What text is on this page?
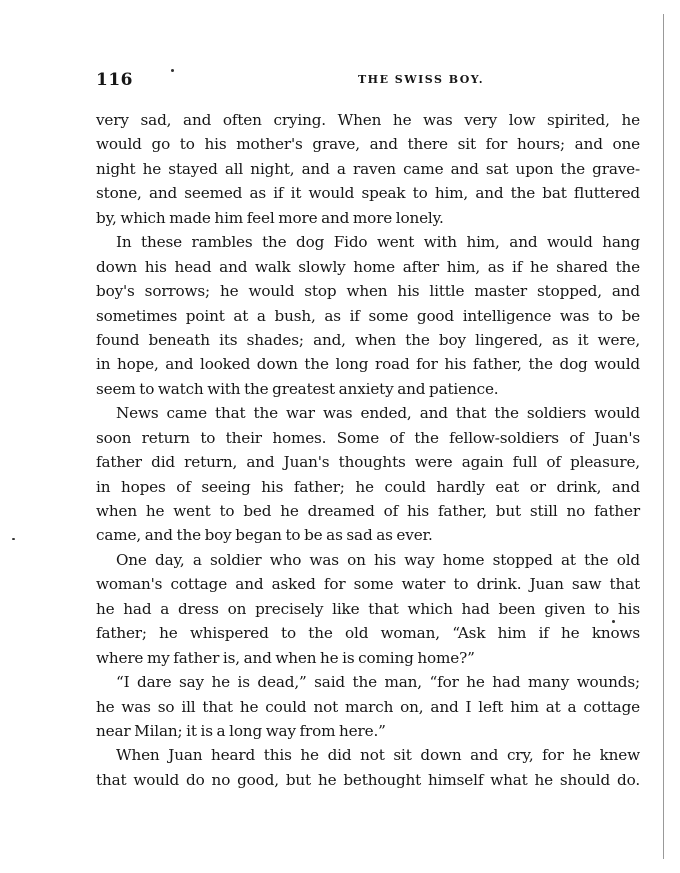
116	THE SWISS BOY.
very sad, and often crying. When he was very low spirited, he
would go to his mother's grave, and there sit for hours; and one
night he stayed all night, and a raven came and sat upon the grave-
stone, and seemed as if it would speak to him, and the bat fluttered
by, which made him feel more and more lonely.
In these rambles the dog Fido went with him, and would hang
down his head and walk slowly home after him, as if he shared the
boy's sorrows; he would stop when his little master stopped, and
sometimes point at a bush, as if some good intelligence was to be
found beneath its shades; and, when the boy lingered, as it were,
in hope, and looked down the long road for his father, the dog would
seem to watch with the greatest anxiety and patience.
News came that the war was ended, and that the soldiers would
soon return to their homes. Some of the fellow-soldiers of Juan's
father did return, and Juan's thoughts were again full of pleasure,
in hopes of seeing his father; he could hardly eat or drink, and
when he went to bed he dreamed of his father, but still no father
came, and the boy began to be as sad as ever.
One day, a soldier who was on his way home stopped at the old
woman's cottage and asked for some water to drink. Juan saw that
he had a dress on precisely like that which had been given to his
father; he whispered to the old woman, “Ask him if he knows
where my father is, and when he is coming home?”
“I dare say he is dead,” said the man, “for he had many wounds;
he was so ill that he could not march on, and I left him at a cottage
near Milan; it is a long way from here.”
When Juan heard this he did not sit down and cry, for he knew
that would do no good, but he bethought himself what he should do.
